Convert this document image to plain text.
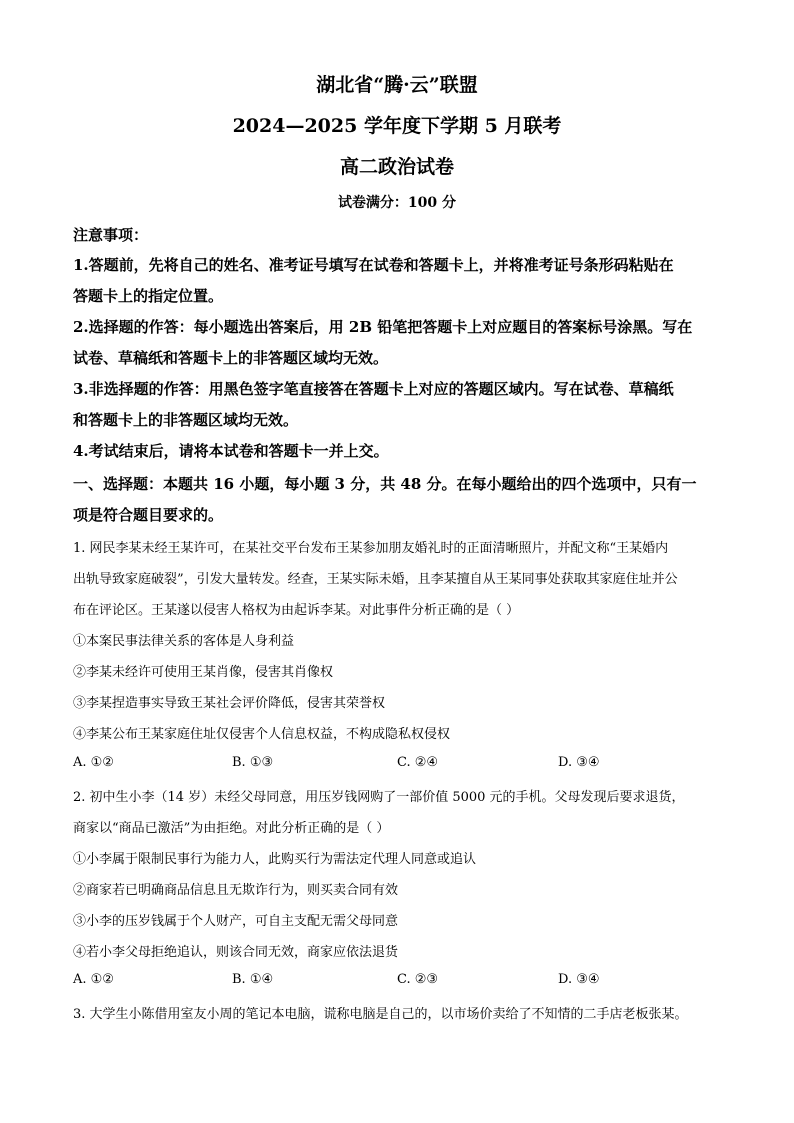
湖北省“腾·云”联盟
2024—2025 学年度下学期 5 月联考
高二政治试卷
试卷满分：100 分
注意事项：
1.答题前，先将自己的姓名、准考证号填写在试卷和答题卡上，并将准考证号条形码粘贴在
答题卡上的指定位置。
2.选择题的作答：每小题选出答案后，用 2B 铅笔把答题卡上对应题目的答案标号涂黑。写在
试卷、草稿纸和答题卡上的非答题区域均无效。
3.非选择题的作答：用黑色签字笔直接答在答题卡上对应的答题区域内。写在试卷、草稿纸
和答题卡上的非答题区域均无效。
4.考试结束后，请将本试卷和答题卡一并上交。
一、选择题：本题共 16 小题，每小题 3 分，共 48 分。在每小题给出的四个选项中，只有一
项是符合题目要求的。
1. 网民李某未经王某许可，在某社交平台发布王某参加朋友婚礼时的正面清晰照片，并配文称“王某婚内
出轨导致家庭破裂”，引发大量转发。经查，王某实际未婚，且李某擅自从王某同事处获取其家庭住址并公
布在评论区。王某遂以侵害人格权为由起诉李某。对此事件分析正确的是（ ）
①本案民事法律关系的客体是人身利益
②李某未经许可使用王某肖像，侵害其肖像权
③李某捏造事实导致王某社会评价降低，侵害其荣誉权
④李某公布王某家庭住址仅侵害个人信息权益，不构成隐私权侵权
A. ①②	B. ①③	C. ②④	D. ③④
2. 初中生小李（14 岁）未经父母同意，用压岁钱网购了一部价值 5000 元的手机。父母发现后要求退货，
商家以“商品已激活”为由拒绝。对此分析正确的是（ ）
①小李属于限制民事行为能力人，此购买行为需法定代理人同意或追认
②商家若已明确商品信息且无欺诈行为，则买卖合同有效
③小李的压岁钱属于个人财产，可自主支配无需父母同意
④若小李父母拒绝追认，则该合同无效，商家应依法退货
A. ①②	B. ①④	C. ②③	D. ③④
3. 大学生小陈借用室友小周的笔记本电脑，谎称电脑是自己的，以市场价卖给了不知情的二手店老板张某。
